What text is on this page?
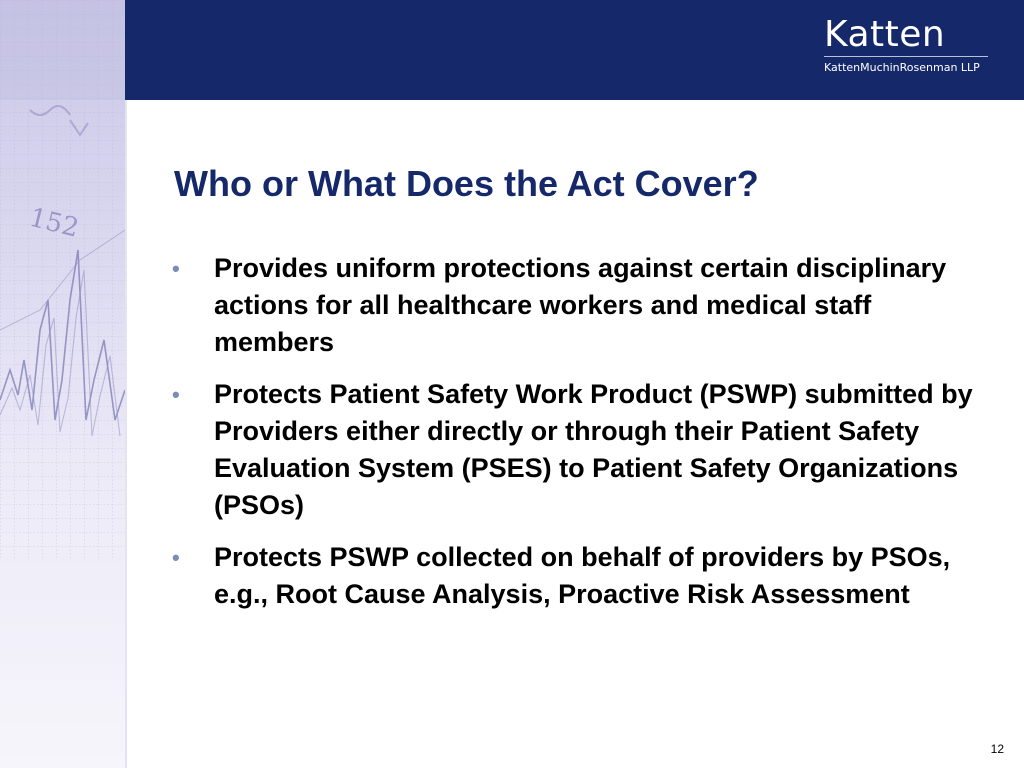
152
Katten
KattenMuchinRosenman LLP
Who or What Does the Act Cover?
• Provides uniform protections against certain disciplinary actions for all healthcare workers and medical staff members
• Protects Patient Safety Work Product (PSWP) submitted by Providers either directly or through their Patient Safety Evaluation System (PSES) to Patient Safety Organizations (PSOs)
• Protects PSWP collected on behalf of providers by PSOs, e.g., Root Cause Analysis, Proactive Risk Assessment
12
